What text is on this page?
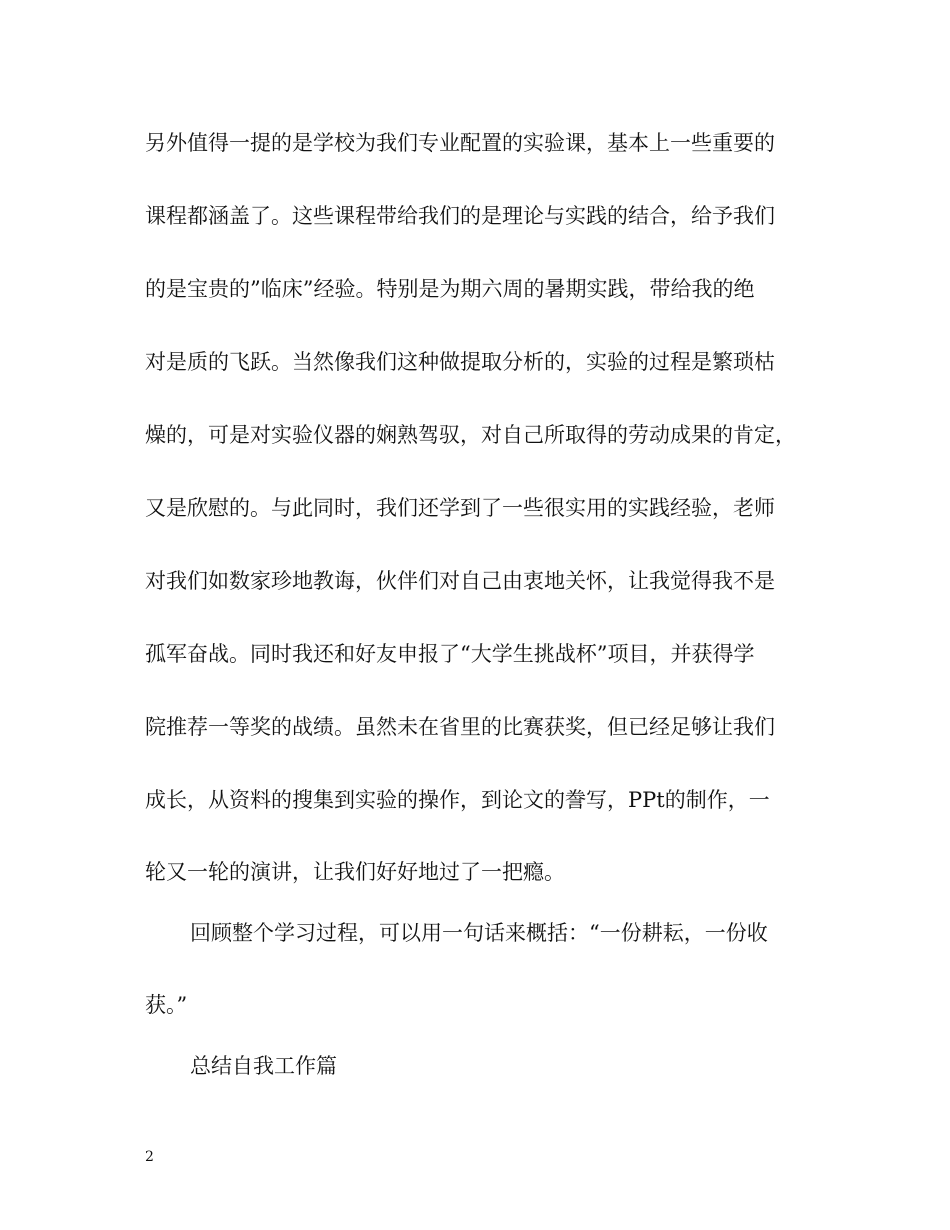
另外值得一提的是学校为我们专业配置的实验课，基本上一些重要的
课程都涵盖了。这些课程带给我们的是理论与实践的结合，给予我们
的是宝贵的”临床”经验。特别是为期六周的暑期实践，带给我的绝
对是质的飞跃。当然像我们这种做提取分析的，实验的过程是繁琐枯
燥的，可是对实验仪器的娴熟驾驭，对自己所取得的劳动成果的肯定，
又是欣慰的。与此同时，我们还学到了一些很实用的实践经验，老师
对我们如数家珍地教诲，伙伴们对自己由衷地关怀，让我觉得我不是
孤军奋战。同时我还和好友申报了“大学生挑战杯”项目，并获得学
院推荐一等奖的战绩。虽然未在省里的比赛获奖，但已经足够让我们
成长，从资料的搜集到实验的操作，到论文的誊写，PPt的制作，一
轮又一轮的演讲，让我们好好地过了一把瘾。
回顾整个学习过程，可以用一句话来概括：“一份耕耘，一份收
获。”
总结自我工作篇
2
